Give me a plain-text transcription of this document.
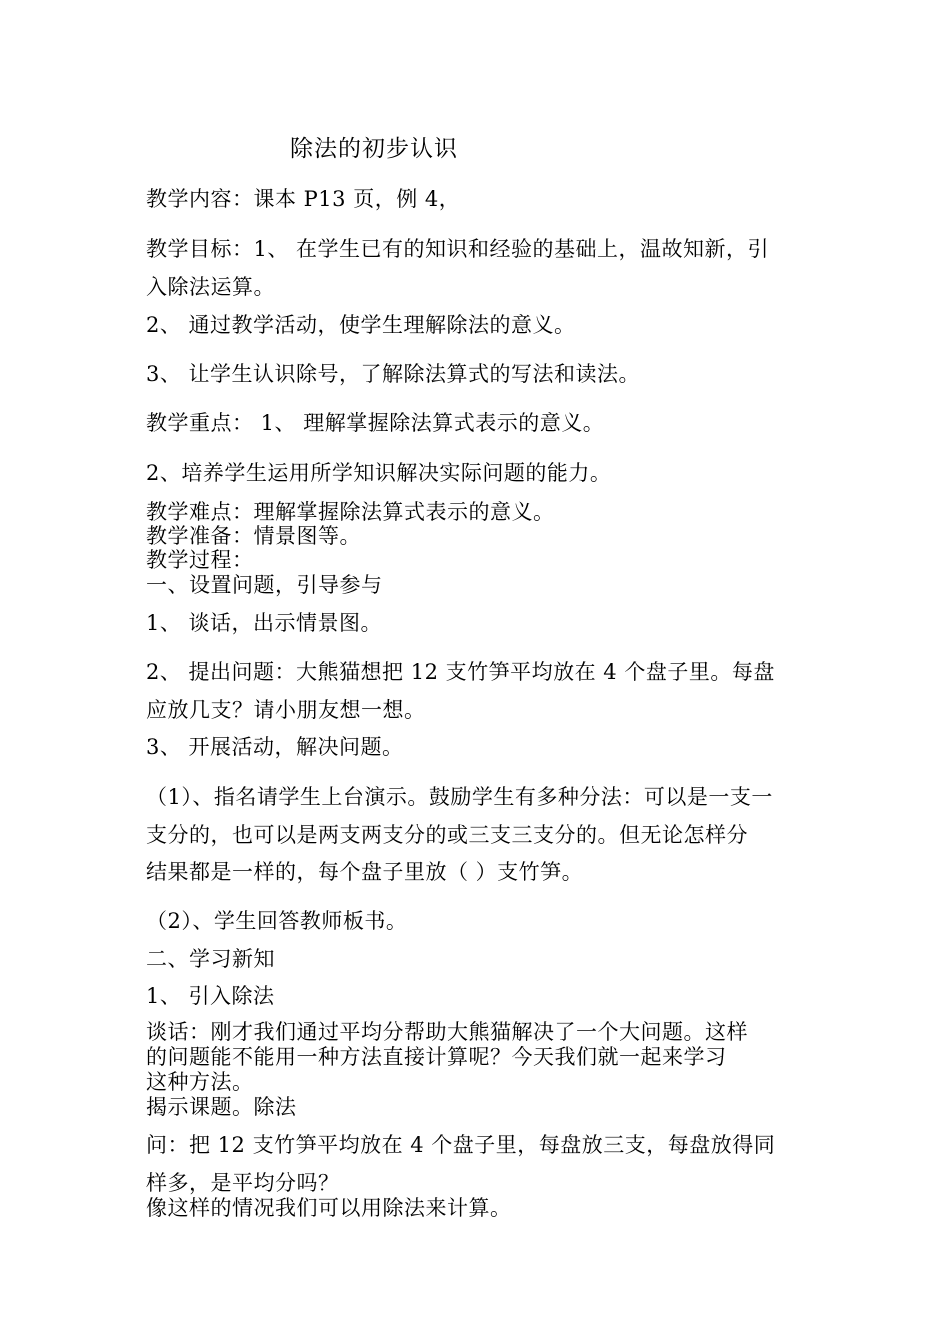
除法的初步认识
教学内容：课本 P13 页，例 4，
教学目标：1、 在学生已有的知识和经验的基础上，温故知新，引
入除法运算。
2、 通过教学活动，使学生理解除法的意义。
3、 让学生认识除号，了解除法算式的写法和读法。
教学重点： 1、 理解掌握除法算式表示的意义。
2、培养学生运用所学知识解决实际问题的能力。
教学难点：理解掌握除法算式表示的意义。
教学准备：情景图等。
教学过程：
一、设置问题，引导参与
1、 谈话，出示情景图。
2、 提出问题：大熊猫想把 12 支竹笋平均放在 4 个盘子里。每盘
应放几支？请小朋友想一想。
3、 开展活动，解决问题。
（1）、指名请学生上台演示。鼓励学生有多种分法：可以是一支一
支分的，也可以是两支两支分的或三支三支分的。但无论怎样分
结果都是一样的，每个盘子里放（ ）支竹笋。
（2）、学生回答教师板书。
二、学习新知
1、 引入除法
谈话：刚才我们通过平均分帮助大熊猫解决了一个大问题。这样
的问题能不能用一种方法直接计算呢？今天我们就一起来学习
这种方法。
揭示课题。除法
问：把 12 支竹笋平均放在 4 个盘子里，每盘放三支，每盘放得同
样多，是平均分吗？
像这样的情况我们可以用除法来计算。
